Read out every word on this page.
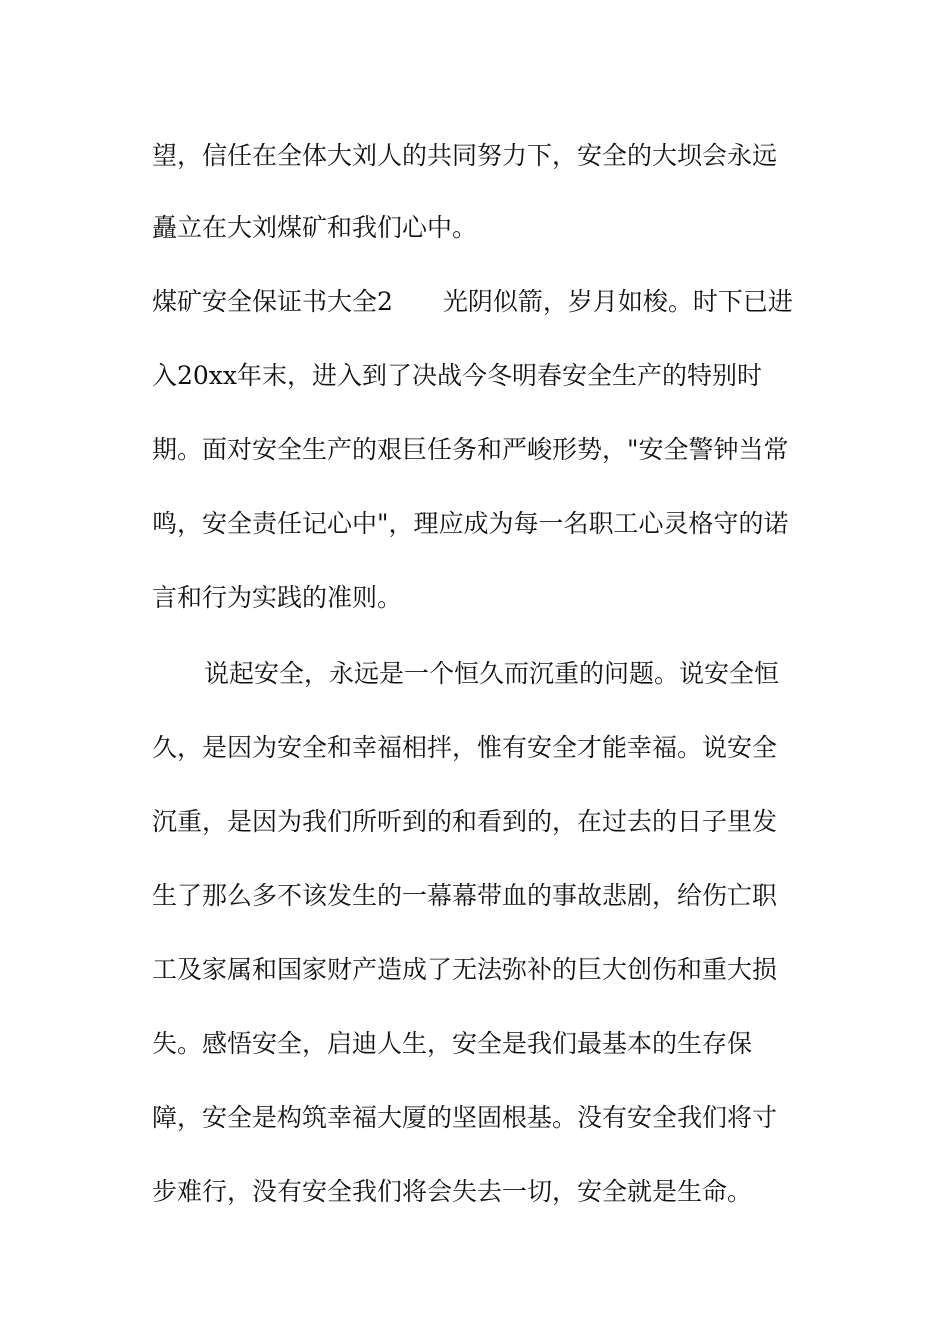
望，信任在全体大刘人的共同努力下，安全的大坝会永远
矗立在大刘煤矿和我们心中。
煤矿安全保证书大全2　　光阴似箭，岁月如梭。时下已进
入20xx年末，进入到了决战今冬明春安全生产的特别时
期。面对安全生产的艰巨任务和严峻形势，"安全警钟当常
鸣，安全责任记心中"，理应成为每一名职工心灵格守的诺
言和行为实践的准则。
说起安全，永远是一个恒久而沉重的问题。说安全恒
久，是因为安全和幸福相拌，惟有安全才能幸福。说安全
沉重，是因为我们所听到的和看到的，在过去的日子里发
生了那么多不该发生的一幕幕带血的事故悲剧，给伤亡职
工及家属和国家财产造成了无法弥补的巨大创伤和重大损
失。感悟安全，启迪人生，安全是我们最基本的生存保
障，安全是构筑幸福大厦的坚固根基。没有安全我们将寸
步难行，没有安全我们将会失去一切，安全就是生命。
